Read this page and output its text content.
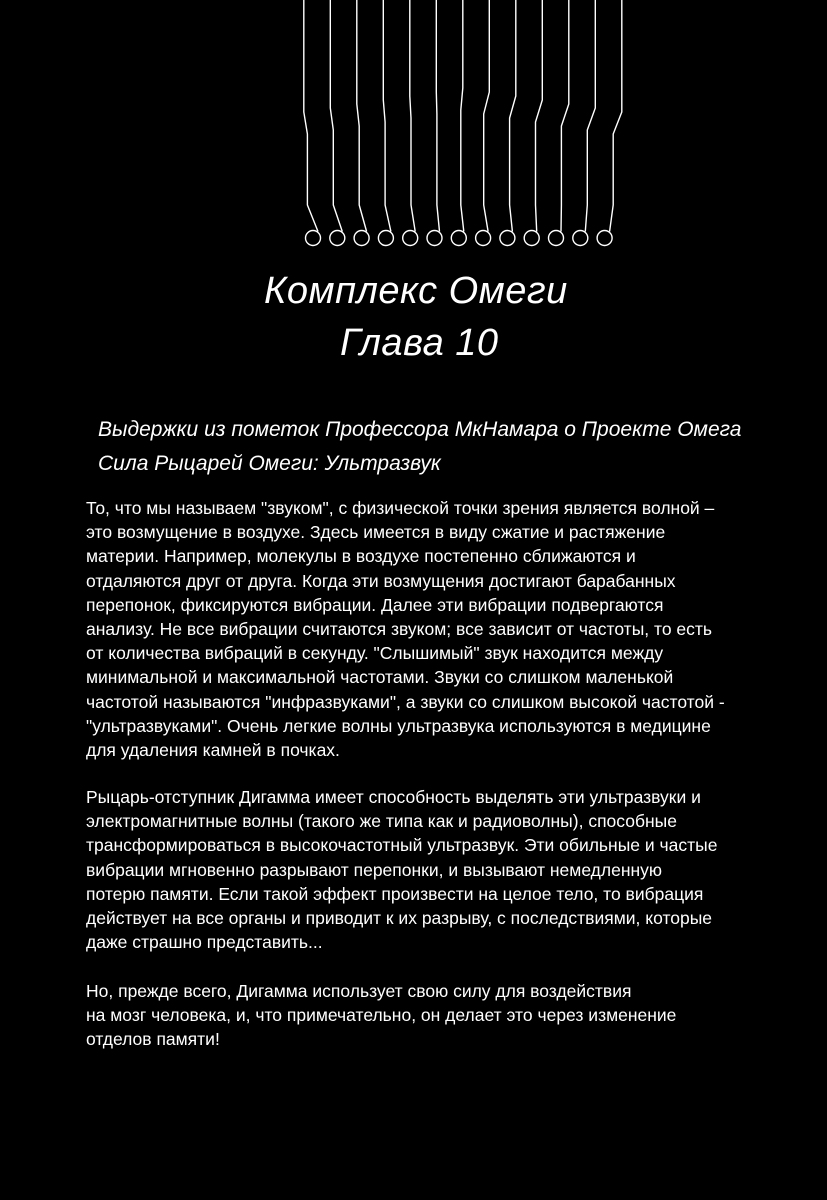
Комплекс Омеги
Глава 10
Выдержки из пометок Профессора МкНамара о Проекте Омега
Сила Рыцарей Омеги: Ультразвук
То, что мы называем "звуком", с физической точки зрения является волной –
это возмущение в воздухе. Здесь имеется в виду сжатие и растяжение
материи. Например, молекулы в воздухе постепенно сближаются и
отдаляются друг от друга. Когда эти возмущения достигают барабанных
перепонок, фиксируются вибрации. Далее эти вибрации подвергаются
анализу. Не все вибрации считаются звуком; все зависит от частоты, то есть
от количества вибраций в секунду. "Слышимый" звук находится между
минимальной и максимальной частотами. Звуки со слишком маленькой
частотой называются "инфразвуками", а звуки со слишком высокой частотой -
"ультразвуками". Очень легкие волны ультразвука используются в медицине
для удаления камней в почках.
Рыцарь-отступник Дигамма имеет способность выделять эти ультразвуки и
электромагнитные волны (такого же типа как и радиоволны), способные
трансформироваться в высокочастотный ультразвук. Эти обильные и частые
вибрации мгновенно разрывают перепонки, и вызывают немедленную
потерю памяти. Если такой эффект произвести на целое тело, то вибрация
действует на все органы и приводит к их разрыву, с последствиями, которые
даже страшно представить...
Но, прежде всего, Дигамма использует свою силу для воздействия
на мозг человека, и, что примечательно, он делает это через изменение
отделов памяти!
